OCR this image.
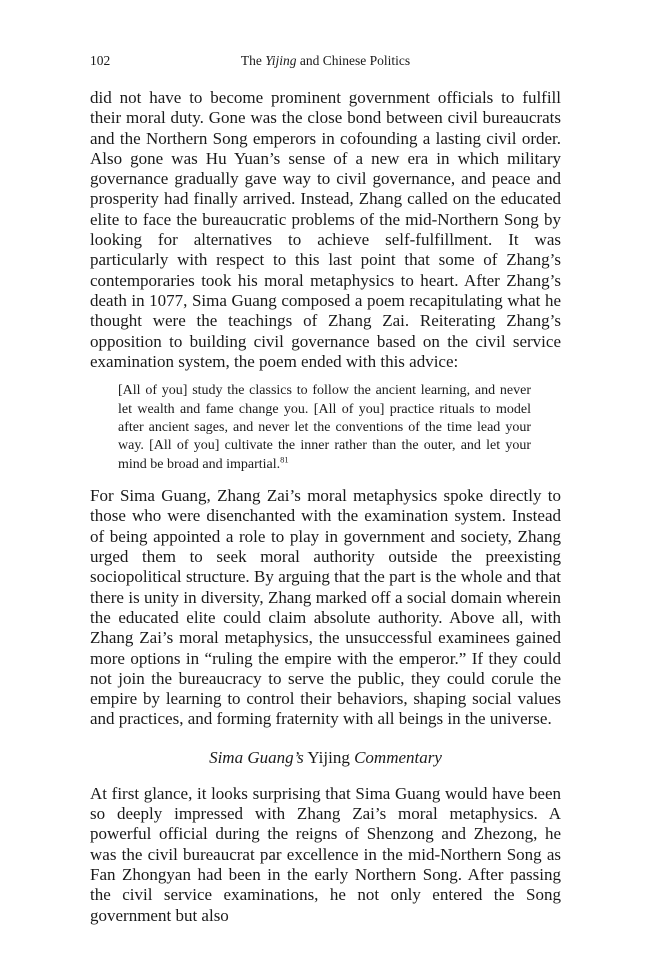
102	The Yijing and Chinese Politics

did not have to become prominent government officials to fulfill their moral duty. Gone was the close bond between civil bureaucrats and the Northern Song emperors in cofounding a lasting civil order. Also gone was Hu Yuan’s sense of a new era in which military governance gradually gave way to civil governance, and peace and prosperity had finally arrived. Instead, Zhang called on the educated elite to face the bureaucratic problems of the mid-Northern Song by looking for alternatives to achieve self-fulfillment. It was particularly with respect to this last point that some of Zhang’s contemporaries took his moral metaphysics to heart. After Zhang’s death in 1077, Sima Guang composed a poem recapitulating what he thought were the teachings of Zhang Zai. Reiterating Zhang’s opposition to building civil governance based on the civil service examination system, the poem ended with this advice:

[All of you] study the classics to follow the ancient learning, and never let wealth and fame change you. [All of you] practice rituals to model after ancient sages, and never let the conventions of the time lead your way. [All of you] cultivate the inner rather than the outer, and let your mind be broad and impartial.$^{81}$

For Sima Guang, Zhang Zai’s moral metaphysics spoke directly to those who were disenchanted with the examination system. Instead of being appointed a role to play in government and society, Zhang urged them to seek moral authority outside the preexisting sociopolitical structure. By arguing that the part is the whole and that there is unity in diversity, Zhang marked off a social domain wherein the educated elite could claim absolute authority. Above all, with Zhang Zai’s moral metaphysics, the unsuccessful examinees gained more options in “ruling the empire with the emperor.” If they could not join the bureaucracy to serve the public, they could corule the empire by learning to control their behaviors, shaping social values and practices, and forming fraternity with all beings in the universe.

Sima Guang’s Yijing Commentary

At first glance, it looks surprising that Sima Guang would have been so deeply impressed with Zhang Zai’s moral metaphysics. A powerful official during the reigns of Shenzong and Zhezong, he was the civil bureaucrat par excellence in the mid-Northern Song as Fan Zhongyan had been in the early Northern Song. After passing the civil service examinations, he not only entered the Song government but also
